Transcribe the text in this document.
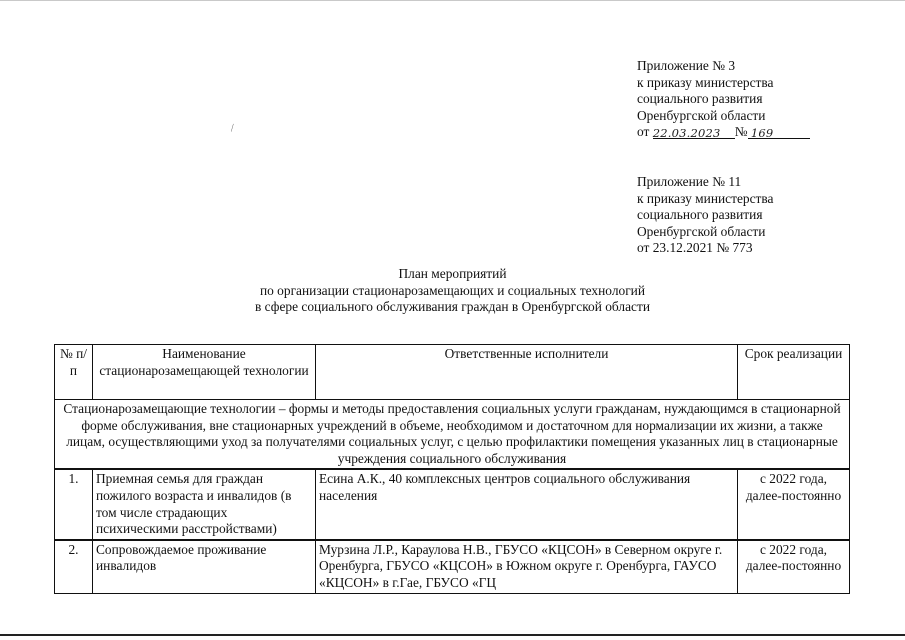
⁄
Приложение № 3
к приказу министерства
социального развития
Оренбургской области
от 22.03.2023 № 169
Приложение № 11
к приказу министерства
социального развития
Оренбургской области
от 23.12.2021 № 773
План мероприятий
по организации стационарозамещающих и социальных технологий
в сфере социального обслуживания граждан в Оренбургской области
№ п/п	Наименование стационарозамещающей технологии	Ответственные исполнители	Срок реализации
Стационарозамещающие технологии – формы и методы предоставления социальных услуги гражданам, нуждающимся в стационарной форме обслуживания, вне стационарных учреждений в объеме, необходимом и достаточном для нормализации их жизни, а также лицам, осуществляющими уход за получателями социальных услуг, с целью профилактики помещения указанных лиц в стационарные учреждения социального обслуживания			
1.	Приемная семья для граждан пожилого возраста и инвалидов (в том числе страдающих психическими расстройствами)	Есина А.К., 40 комплексных центров социального обслуживания населения	с 2022 года, далее-постоянно
2.	Сопровождаемое проживание инвалидов	Мурзина Л.Р., Караулова Н.В., ГБУСО «КЦСОН» в Северном округе г. Оренбурга, ГБУСО «КЦСОН» в Южном округе г. Оренбурга, ГАУСО «КЦСОН» в г.Гае, ГБУСО «ГЦ	с 2022 года, далее-постоянно
